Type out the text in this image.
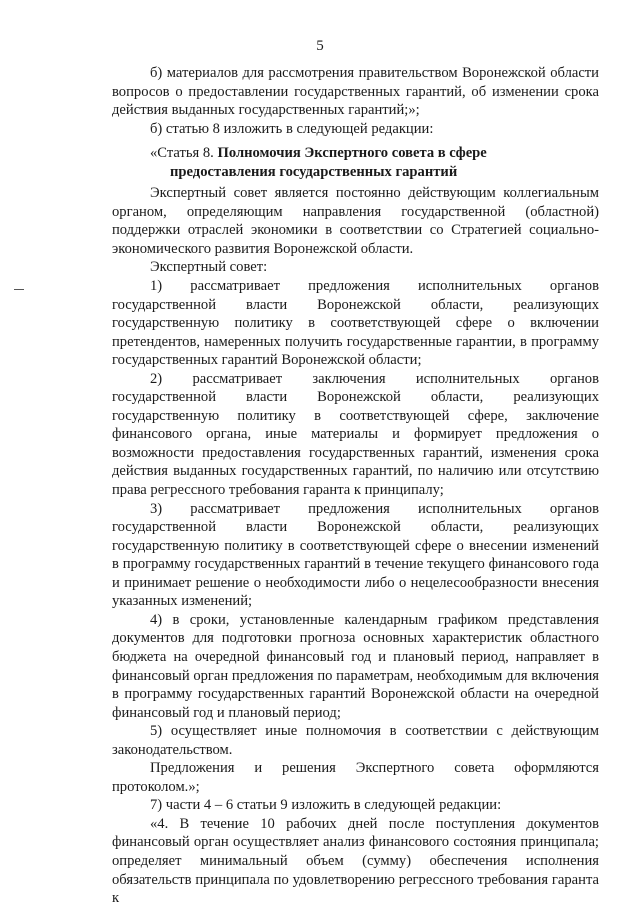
5

б) материалов для рассмотрения правительством Воронежской области вопросов о предоставлении государственных гарантий, об изменении срока действия выданных государственных гарантий;»;

б) статью 8 изложить в следующей редакции:

«Статья 8. Полномочия Экспертного совета в сфере
предоставления государственных гарантий

Экспертный совет является постоянно действующим коллегиальным органом, определяющим направления государственной (областной) поддержки отраслей экономики в соответствии со Стратегией социально-экономического развития Воронежской области.

Экспертный совет:

1) рассматривает предложения исполнительных органов государственной власти Воронежской области, реализующих государственную политику в соответствующей сфере о включении претендентов, намеренных получить государственные гарантии, в программу государственных гарантий Воронежской области;

2) рассматривает заключения исполнительных органов государственной власти Воронежской области, реализующих государственную политику в соответствующей сфере, заключение финансового органа, иные материалы и формирует предложения о возможности предоставления государственных гарантий, изменения срока действия выданных государственных гарантий, по наличию или отсутствию права регрессного требования гаранта к принципалу;

3) рассматривает предложения исполнительных органов государственной власти Воронежской области, реализующих государственную политику в соответствующей сфере о внесении изменений в программу государственных гарантий в течение текущего финансового года и принимает решение о необходимости либо о нецелесообразности внесения указанных изменений;

4) в сроки, установленные календарным графиком представления документов для подготовки прогноза основных характеристик областного бюджета на очередной финансовый год и плановый период, направляет в финансовый орган предложения по параметрам, необходимым для включения в программу государственных гарантий Воронежской области на очередной финансовый год и плановый период;

5) осуществляет иные полномочия в соответствии с действующим законодательством.

Предложения и решения Экспертного совета оформляются протоколом.»;

7) части 4 – 6 статьи 9 изложить в следующей редакции:

«4. В течение 10 рабочих дней после поступления документов финансовый орган осуществляет анализ финансового состояния принципала; определяет минимальный объем (сумму) обеспечения исполнения обязательств принципала по удовлетворению регрессного требования гаранта к
